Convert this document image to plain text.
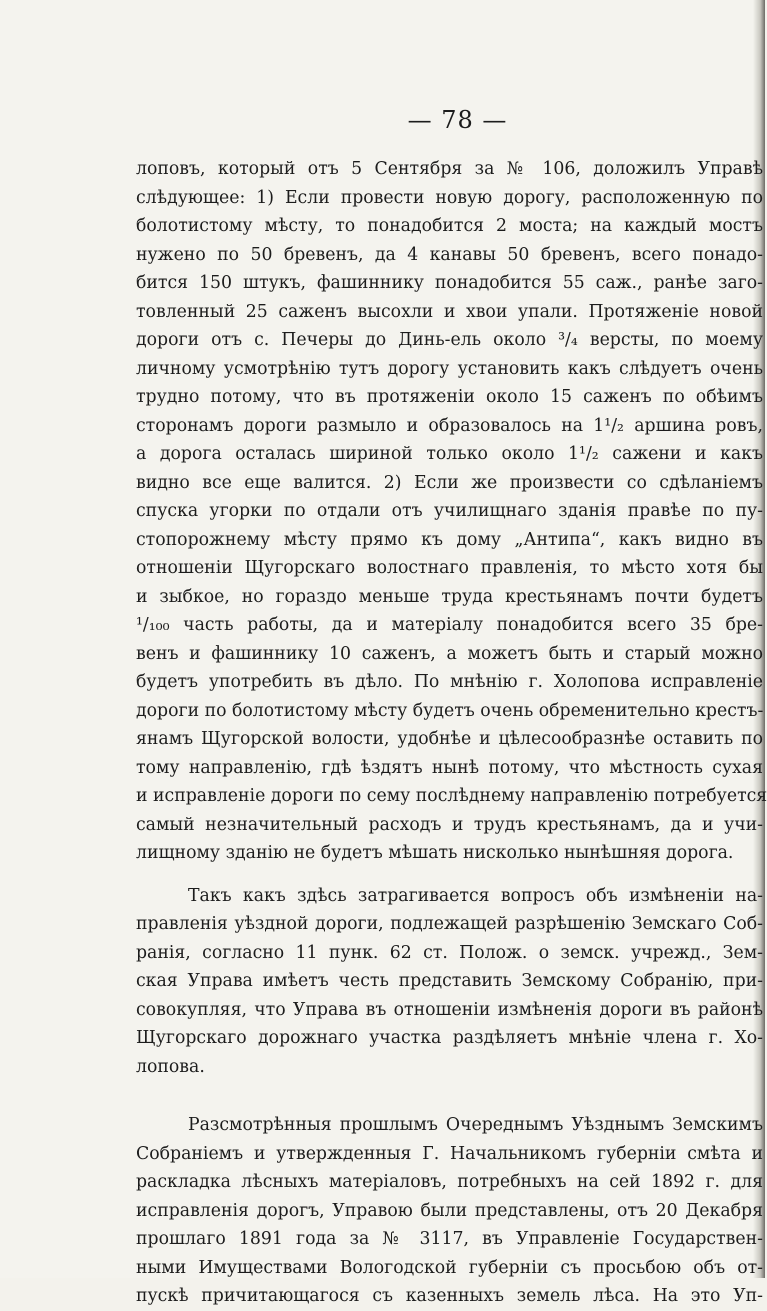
— 78 —
лоповъ, который отъ 5 Сентября за № 106, доложилъ Управѣ
слѣдующее: 1) Если провести новую дорогу, расположенную по
болотистому мѣсту, то понадобится 2 моста; на каждый мостъ
нужено по 50 бревенъ, да 4 канавы 50 бревенъ, всего понадо-
бится 150 штукъ, фашиннику понадобится 55 саж., ранѣе заго-
товленный 25 саженъ высохли и хвои упали. Протяженіе новой
дороги отъ с. Печеры до Динь-ель около ³/₄ версты, по моему
личному усмотрѣнію тутъ дорогу установить какъ слѣдуетъ очень
трудно потому, что въ протяженіи около 15 саженъ по обѣимъ
сторонамъ дороги размыло и образовалось на 1¹/₂ аршина ровъ,
а дорога осталась шириной только около 1¹/₂ сажени и какъ
видно все еще валится. 2) Если же произвести со сдѣланіемъ
спуска угорки по отдали отъ училищнаго зданія правѣе по пу-
стопорожнему мѣсту прямо къ дому „Антипа“, какъ видно въ
отношеніи Щугорскаго волостнаго правленія, то мѣсто хотя бы
и зыбкое, но гораздо меньше труда крестьянамъ почти будетъ
¹/₁₀₀ часть работы, да и матеріалу понадобится всего 35 бре-
венъ и фашиннику 10 саженъ, а можетъ быть и старый можно
будетъ употребить въ дѣло. По мнѣнію г. Холопова исправленіе
дороги по болотистому мѣсту будетъ очень обременительно крестъ-
янамъ Щугорской волости, удобнѣе и цѣлесообразнѣе оставить по
тому направленію, гдѣ ѣздятъ нынѣ потому, что мѣстность сухая
и исправленіе дороги по сему послѣднему направленію потребуется
самый незначительный расходъ и трудъ крестьянамъ, да и учи-
лищному зданію не будетъ мѣшать нисколько нынѣшняя дорога.
Такъ какъ здѣсь затрагивается вопросъ объ измѣненіи на-
правленія уѣздной дороги, подлежащей разрѣшенію Земскаго Соб-
ранія, согласно 11 пунк. 62 ст. Полож. о земск. учрежд., Зем-
ская Управа имѣетъ честь представить Земскому Собранію, при-
совокупляя, что Управа въ отношеніи измѣненія дороги въ районѣ
Щугорскаго дорожнаго участка раздѣляетъ мнѣніе члена г. Хо-
лопова.
Разсмотрѣнныя прошлымъ Очереднымъ Уѣзднымъ Земскимъ
Собраніемъ и утвержденныя Г. Начальникомъ губерніи смѣта и
раскладка лѣсныхъ матеріаловъ, потребныхъ на сей 1892 г. для
исправленія дорогъ, Управою были представлены, отъ 20 Декабря
прошлаго 1891 года за № 3117, въ Управленіе Государствен-
ными Имуществами Вологодской губерніи съ просьбою объ от-
пускѣ причитающагося съ казенныхъ земель лѣса. На это Уп-
